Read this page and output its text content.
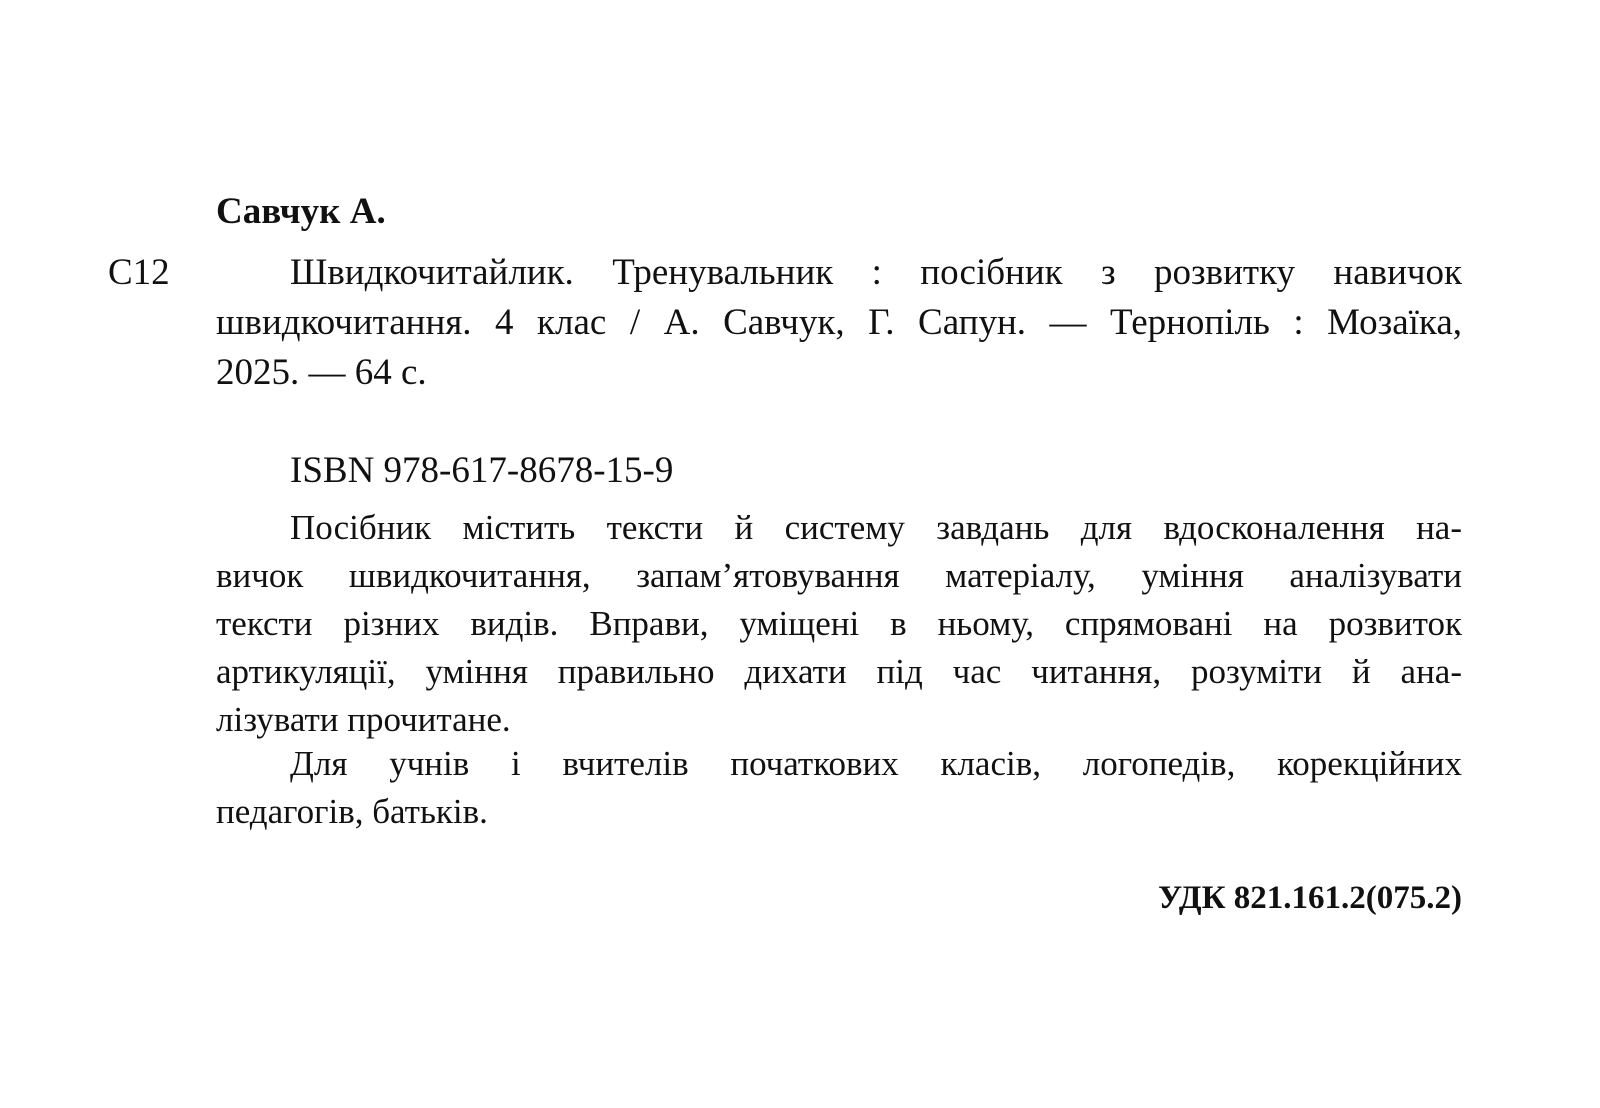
Савчук А.
С12	Швидкочитайлик. Тренувальник : посібник з розвитку навичок
швидкочитання. 4 клас / А. Савчук, Г. Сапун. — Тернопіль : Мозаїка,
2025. — 64 с.
ISBN 978-617-8678-15-9
Посібник містить тексти й систему завдань для вдосконалення на-
вичок швидкочитання, запам’ятовування матеріалу, уміння аналізувати
тексти різних видів. Вправи, уміщені в ньому, спрямовані на розвиток
артикуляції, уміння правильно дихати під час читання, розуміти й ана-
лізувати прочитане.
Для учнів і вчителів початкових класів, логопедів, корекційних
педагогів, батьків.
УДК 821.161.2(075.2)
